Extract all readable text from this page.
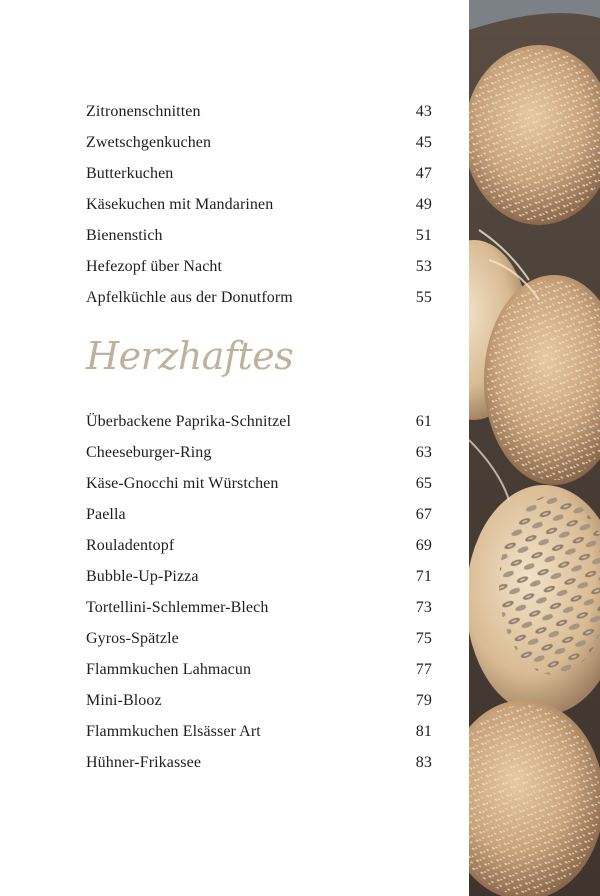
Zitronenschnitten	43
Zwetschgenkuchen	45
Butterkuchen	47
Käsekuchen mit Mandarinen	49
Bienenstich	51
Hefezopf über Nacht	53
Apfelküchle aus der Donutform	55
Herzhaftes
Überbackene Paprika-Schnitzel	61
Cheeseburger-Ring	63
Käse-Gnocchi mit Würstchen	65
Paella	67
Rouladentopf	69
Bubble-Up-Pizza	71
Tortellini-Schlemmer-Blech	73
Gyros-Spätzle	75
Flammkuchen Lahmacun	77
Mini-Blooz	79
Flammkuchen Elsässer Art	81
Hühner-Frikassee	83
